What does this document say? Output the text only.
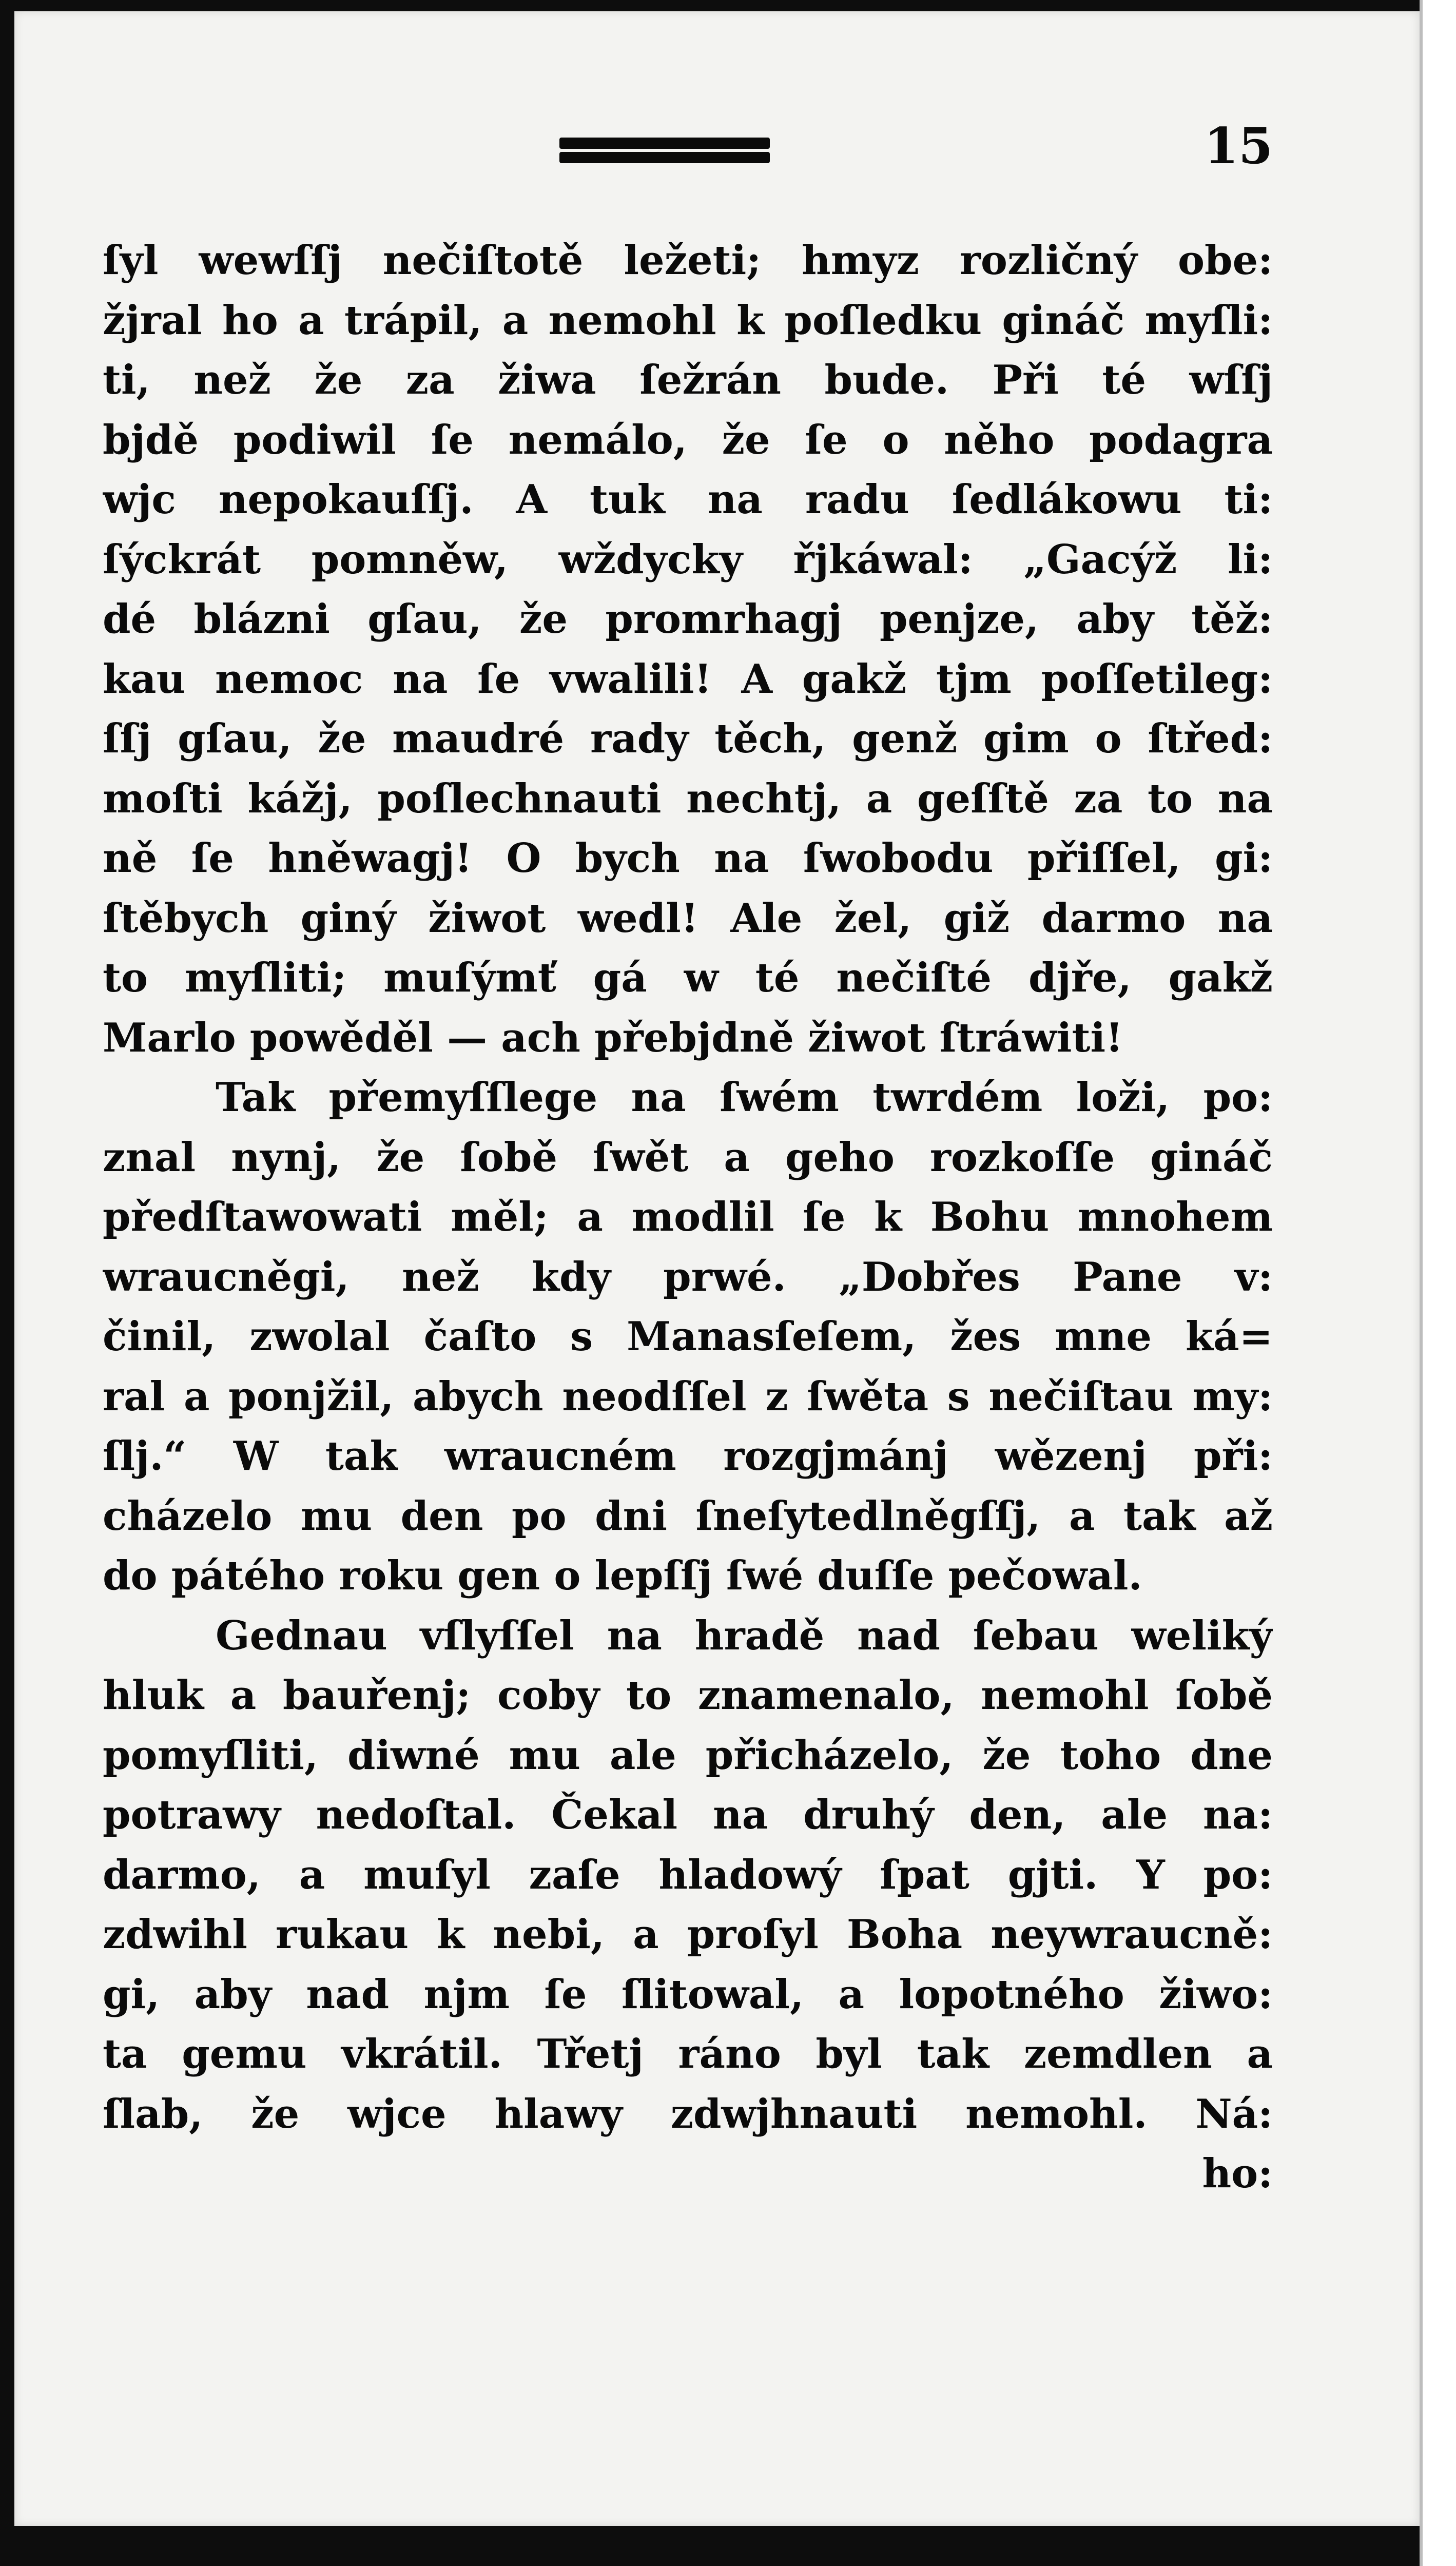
15
ſyl wewſſj nečiſtotě ležeti; hmyz rozličný obe:
žjral ho a trápil, a nemohl k poſledku gináč myſli:
ti, než že za žiwa ſežrán bude. Při té wſſj
bjdě podiwil ſe nemálo, že ſe o něho podagra
wjc nepokauſſj. A tuk na radu ſedlákowu ti:
ſýckrát pomněw, wždycky řjkáwal: „Gacýž li:
dé blázni gſau, že promrhagj penjze, aby těž:
kau nemoc na ſe vwalili! A gakž tjm poſſetileg:
ſſj gſau, že maudré rady těch, genž gim o ſtřed:
moſti kážj, poſlechnauti nechtj, a geſſtě za to na
ně ſe hněwagj! O bych na ſwobodu přiſſel, gi:
ſtěbych giný žiwot wedl! Ale žel, giž darmo na
to myſliti; muſýmť gá w té nečiſté djře, gakž
Marlo powěděl — ach přebjdně žiwot ſtráwiti!
Tak přemyſſlege na ſwém twrdém loži, po:
znal nynj, že ſobě ſwět a geho rozkoſſe gináč
předſtawowati měl; a modlil ſe k Bohu mnohem
wraucněgi, než kdy prwé. „Dobřes Pane v:
činil, zwolal čaſto s Manasſeſem, žes mne ká=
ral a ponjžil, abych neodſſel z ſwěta s nečiſtau my:
ſlj.“ W tak wraucném rozgjmánj wězenj při:
cházelo mu den po dni ſneſytedlněgſſj, a tak až
do pátého roku gen o lepſſj ſwé duſſe pečowal.
Gednau vſlyſſel na hradě nad ſebau weliký
hluk a bauřenj; coby to znamenalo, nemohl ſobě
pomyſliti, diwné mu ale přicházelo, že toho dne
potrawy nedoſtal. Čekal na druhý den, ale na:
darmo, a muſyl zaſe hladowý ſpat gjti. Y po:
zdwihl rukau k nebi, a proſyl Boha neywraucně:
gi, aby nad njm ſe ſlitowal, a lopotného žiwo:
ta gemu vkrátil. Třetj ráno byl tak zemdlen a
ſlab, že wjce hlawy zdwjhnauti nemohl. Ná:
ho:
